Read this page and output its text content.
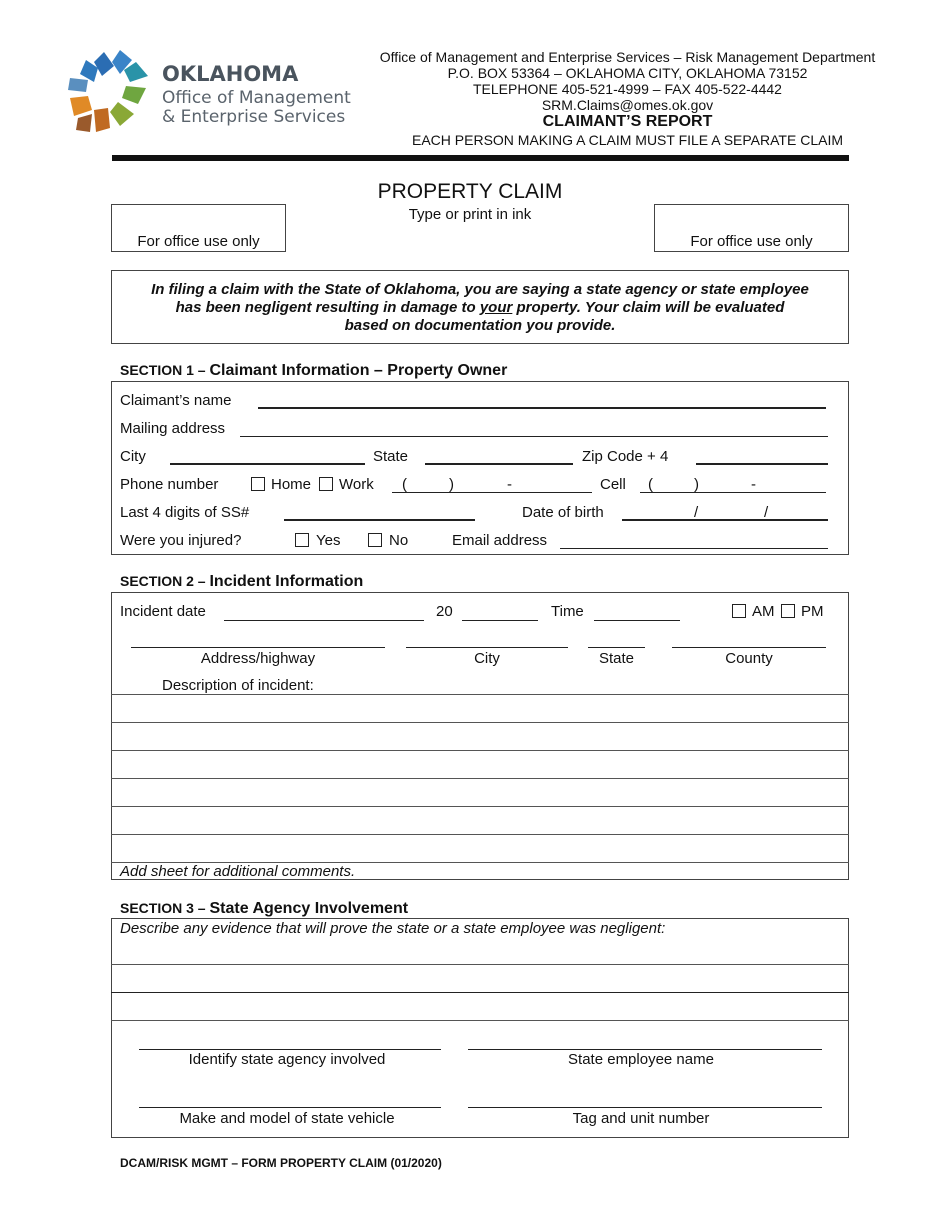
OKLAHOMA
Office of Management
& Enterprise Services
Office of Management and Enterprise Services – Risk Management Department
P.O. BOX 53364 – OKLAHOMA CITY, OKLAHOMA 73152
TELEPHONE 405-521-4999 – FAX 405-522-4442
SRM.Claims@omes.ok.gov
CLAIMANT’S REPORT
EACH PERSON MAKING A CLAIM MUST FILE A SEPARATE CLAIM
PROPERTY CLAIM
Type or print in ink
For office use only	For office use only
In filing a claim with the State of Oklahoma, you are saying a state agency or state employee
has been negligent resulting in damage to your property. Your claim will be evaluated
based on documentation you provide.
SECTION 1 – Claimant Information – Property Owner
Claimant’s name
Mailing address
City	State	Zip Code + 4
Phone number	Home Work (	)	-	Cell (	)	-
Last 4 digits of SS#	Date of birth	/	/
Were you injured?	Yes	No	Email address
SECTION 2 – Incident Information
Incident date	20	Time	AM PM
Address/highway	City	State	County
Description of incident:
Add sheet for additional comments.
SECTION 3 – State Agency Involvement
Describe any evidence that will prove the state or a state employee was negligent:
Identify state agency involved	State employee name
Make and model of state vehicle	Tag and unit number
DCAM/RISK MGMT – FORM PROPERTY CLAIM (01/2020)
